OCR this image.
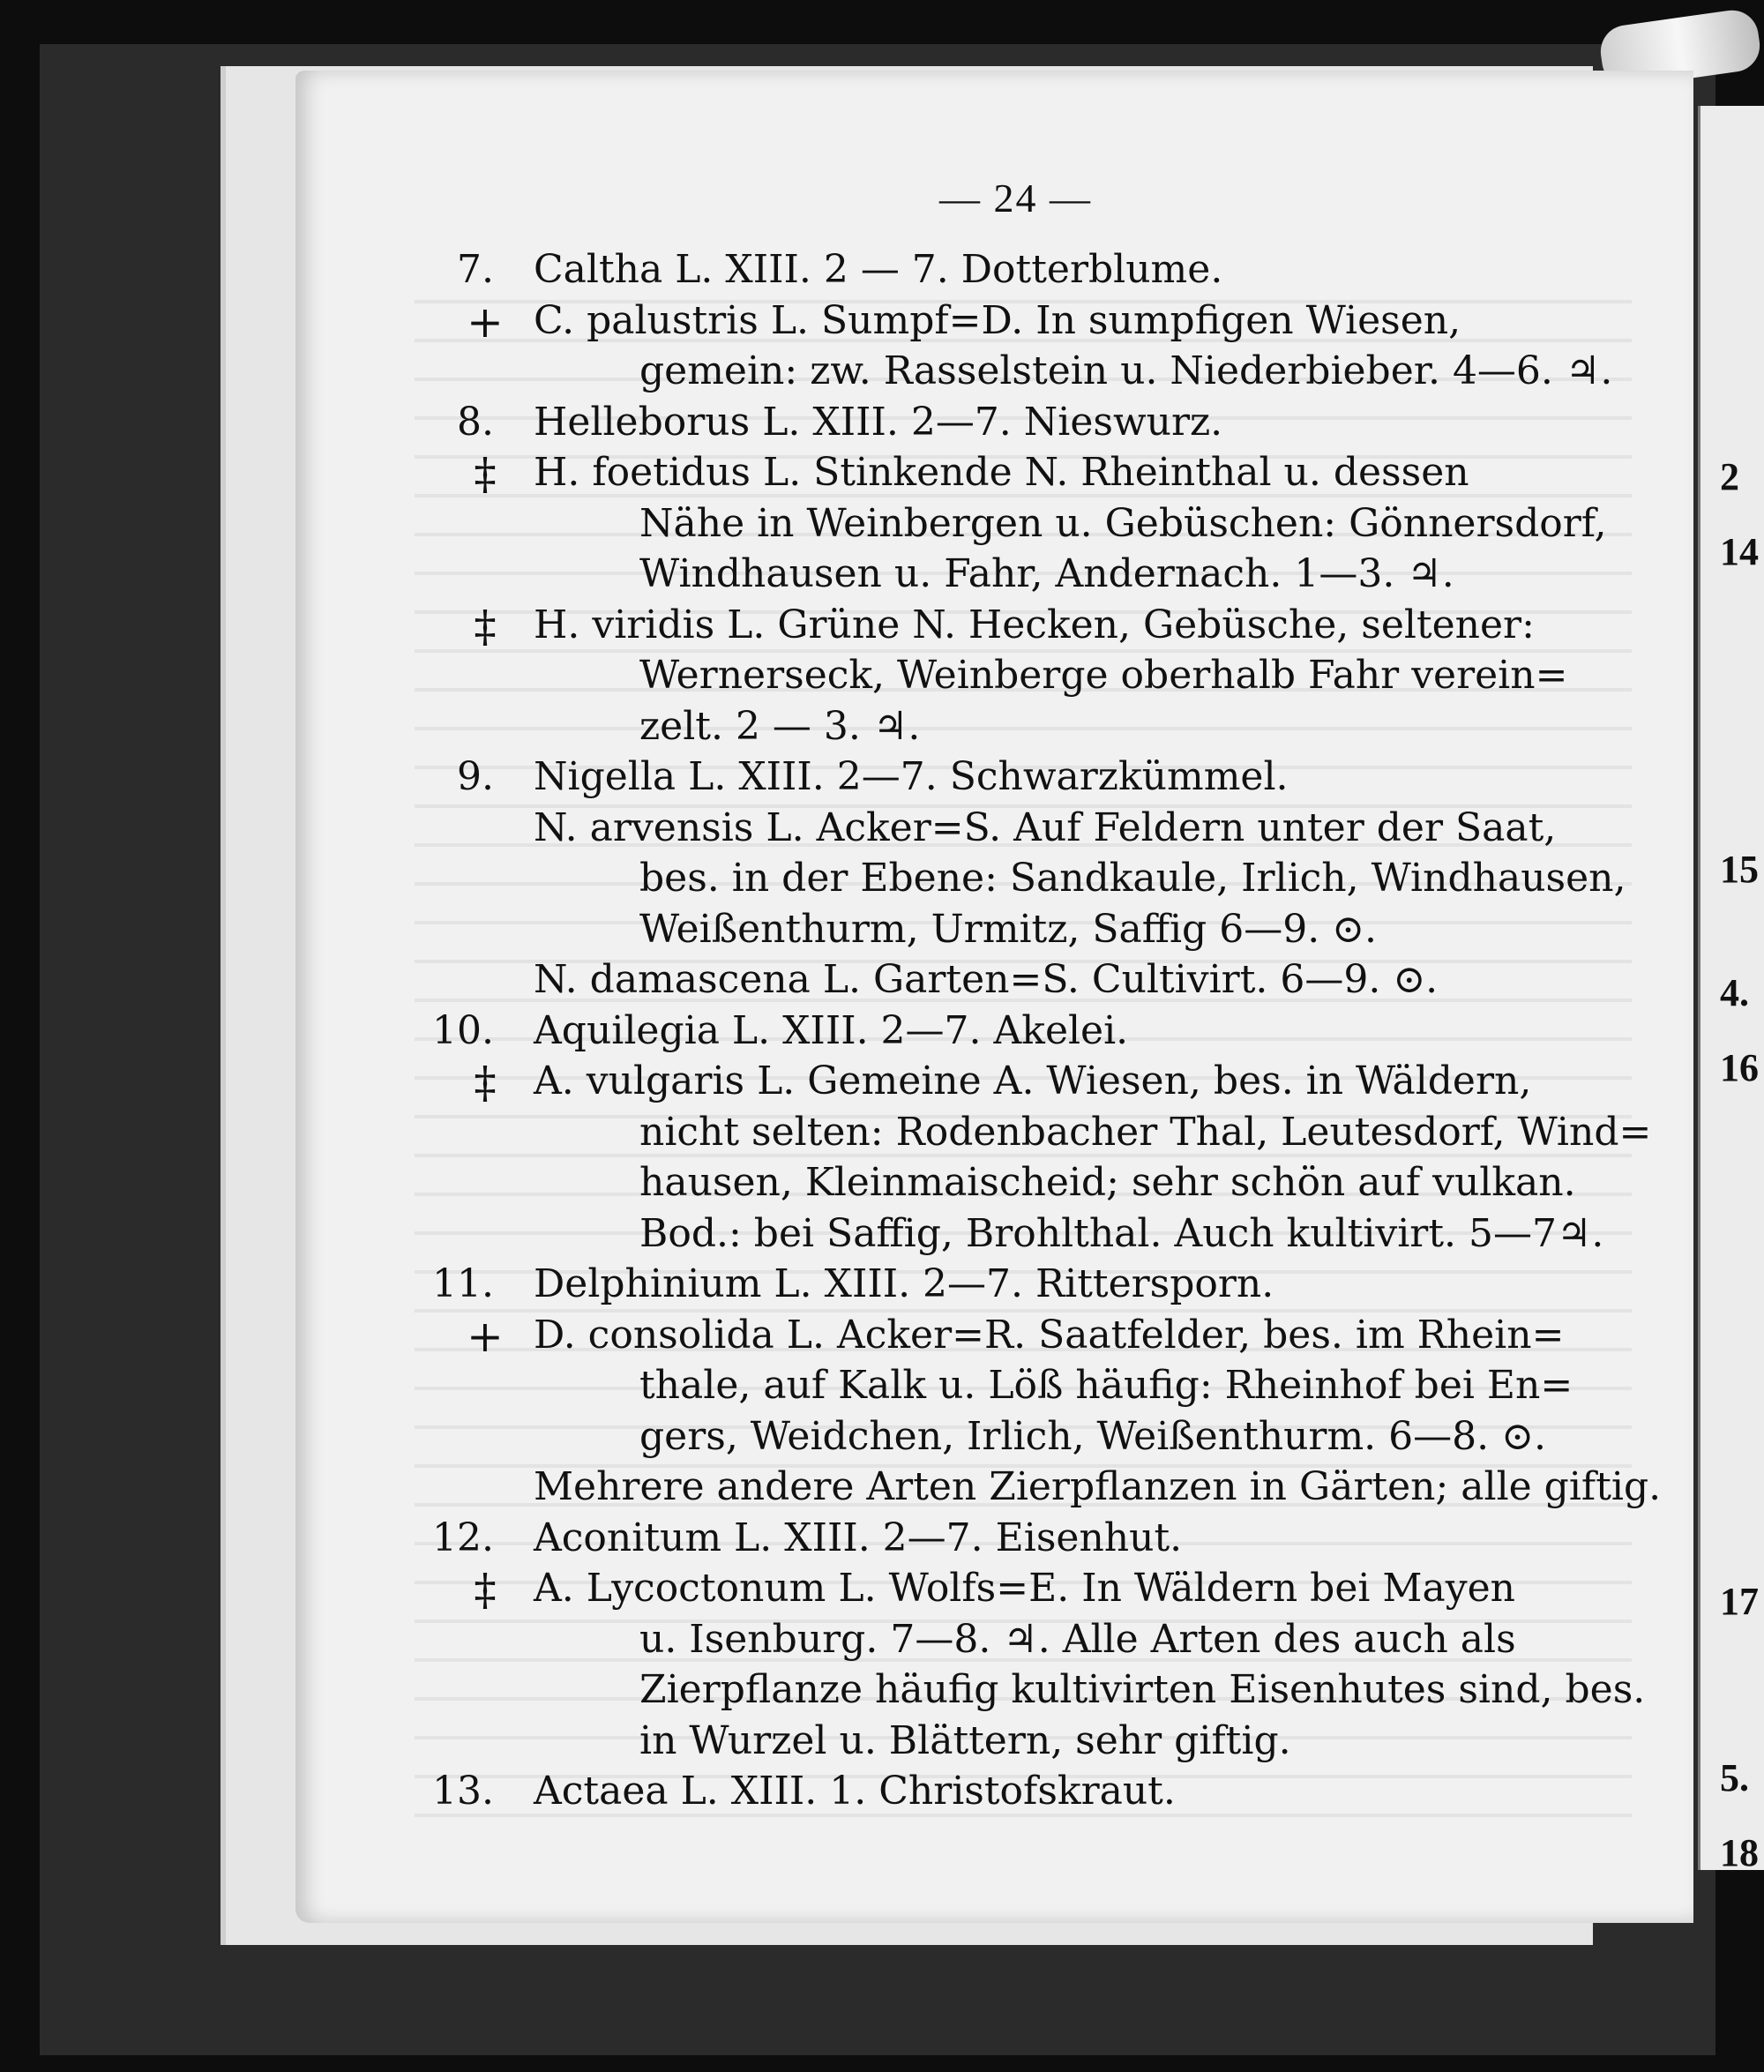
— 24 —
7. Caltha L. XIII. 2 — 7. Dotterblume.
+ C. palustris L. Sumpf=D. In sumpfigen Wiesen,
gemein: zw. Rasselstein u. Niederbieber. 4—6. ♃.
8. Helleborus L. XIII. 2—7. Nieswurz.
‡ H. foetidus L. Stinkende N. Rheinthal u. dessen
Nähe in Weinbergen u. Gebüschen: Gönnersdorf,
Windhausen u. Fahr, Andernach. 1—3. ♃.
‡ H. viridis L. Grüne N. Hecken, Gebüsche, seltener:
Wernerseck, Weinberge oberhalb Fahr verein=
zelt. 2 — 3. ♃.
9. Nigella L. XIII. 2—7. Schwarzkümmel.
N. arvensis L. Acker=S. Auf Feldern unter der Saat,
bes. in der Ebene: Sandkaule, Irlich, Windhausen,
Weißenthurm, Urmitz, Saffig 6—9. ⊙.
N. damascena L. Garten=S. Cultivirt. 6—9. ⊙.
10. Aquilegia L. XIII. 2—7. Akelei.
‡ A. vulgaris L. Gemeine A. Wiesen, bes. in Wäldern,
nicht selten: Rodenbacher Thal, Leutesdorf, Wind=
hausen, Kleinmaischeid; sehr schön auf vulkan.
Bod.: bei Saffig, Brohlthal. Auch kultivirt. 5—7♃.
11. Delphinium L. XIII. 2—7. Rittersporn.
+ D. consolida L. Acker=R. Saatfelder, bes. im Rhein=
thale, auf Kalk u. Löß häufig: Rheinhof bei En=
gers, Weidchen, Irlich, Weißenthurm. 6—8. ⊙.
Mehrere andere Arten Zierpflanzen in Gärten; alle giftig.
12. Aconitum L. XIII. 2—7. Eisenhut.
‡ A. Lycoctonum L. Wolfs=E. In Wäldern bei Mayen
u. Isenburg. 7—8. ♃. Alle Arten des auch als
Zierpflanze häufig kultivirten Eisenhutes sind, bes.
in Wurzel u. Blättern, sehr giftig.
13. Actaea L. XIII. 1. Christofskraut.
2
14
15
4.
16
17
5.
18
